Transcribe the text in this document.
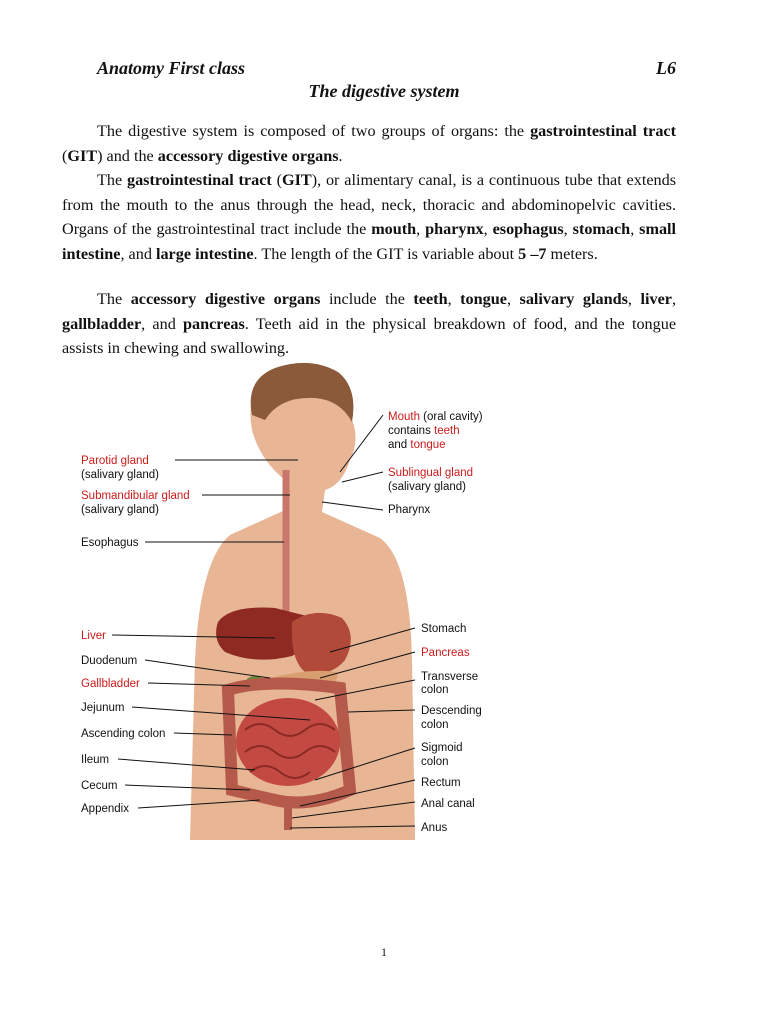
Anatomy First class	L6
The digestive system

The digestive system is composed of two groups of organs: the gastrointestinal tract (GIT) and the accessory digestive organs.

The gastrointestinal tract (GIT), or alimentary canal, is a continuous tube that extends from the mouth to the anus through the head, neck, thoracic and abdominopelvic cavities. Organs of the gastrointestinal tract include the mouth, pharynx, esophagus, stomach, small intestine, and large intestine. The length of the GIT is variable about 5 –7 meters.

The accessory digestive organs include the teeth, tongue, salivary glands, liver, gallbladder, and pancreas. Teeth aid in the physical breakdown of food, and the tongue assists in chewing and swallowing.

Parotid gland
(salivary gland)
Submandibular gland
(salivary gland)
Esophagus
Liver
Duodenum
Gallbladder
Jejunum
Ascending colon
Ileum
Cecum
Appendix
Mouth (oral cavity)
contains teeth
and tongue
Sublingual gland
(salivary gland)
Pharynx
Stomach
Pancreas
Transverse
colon
Descending
colon
Sigmoid
colon
Rectum
Anal canal
Anus
1
